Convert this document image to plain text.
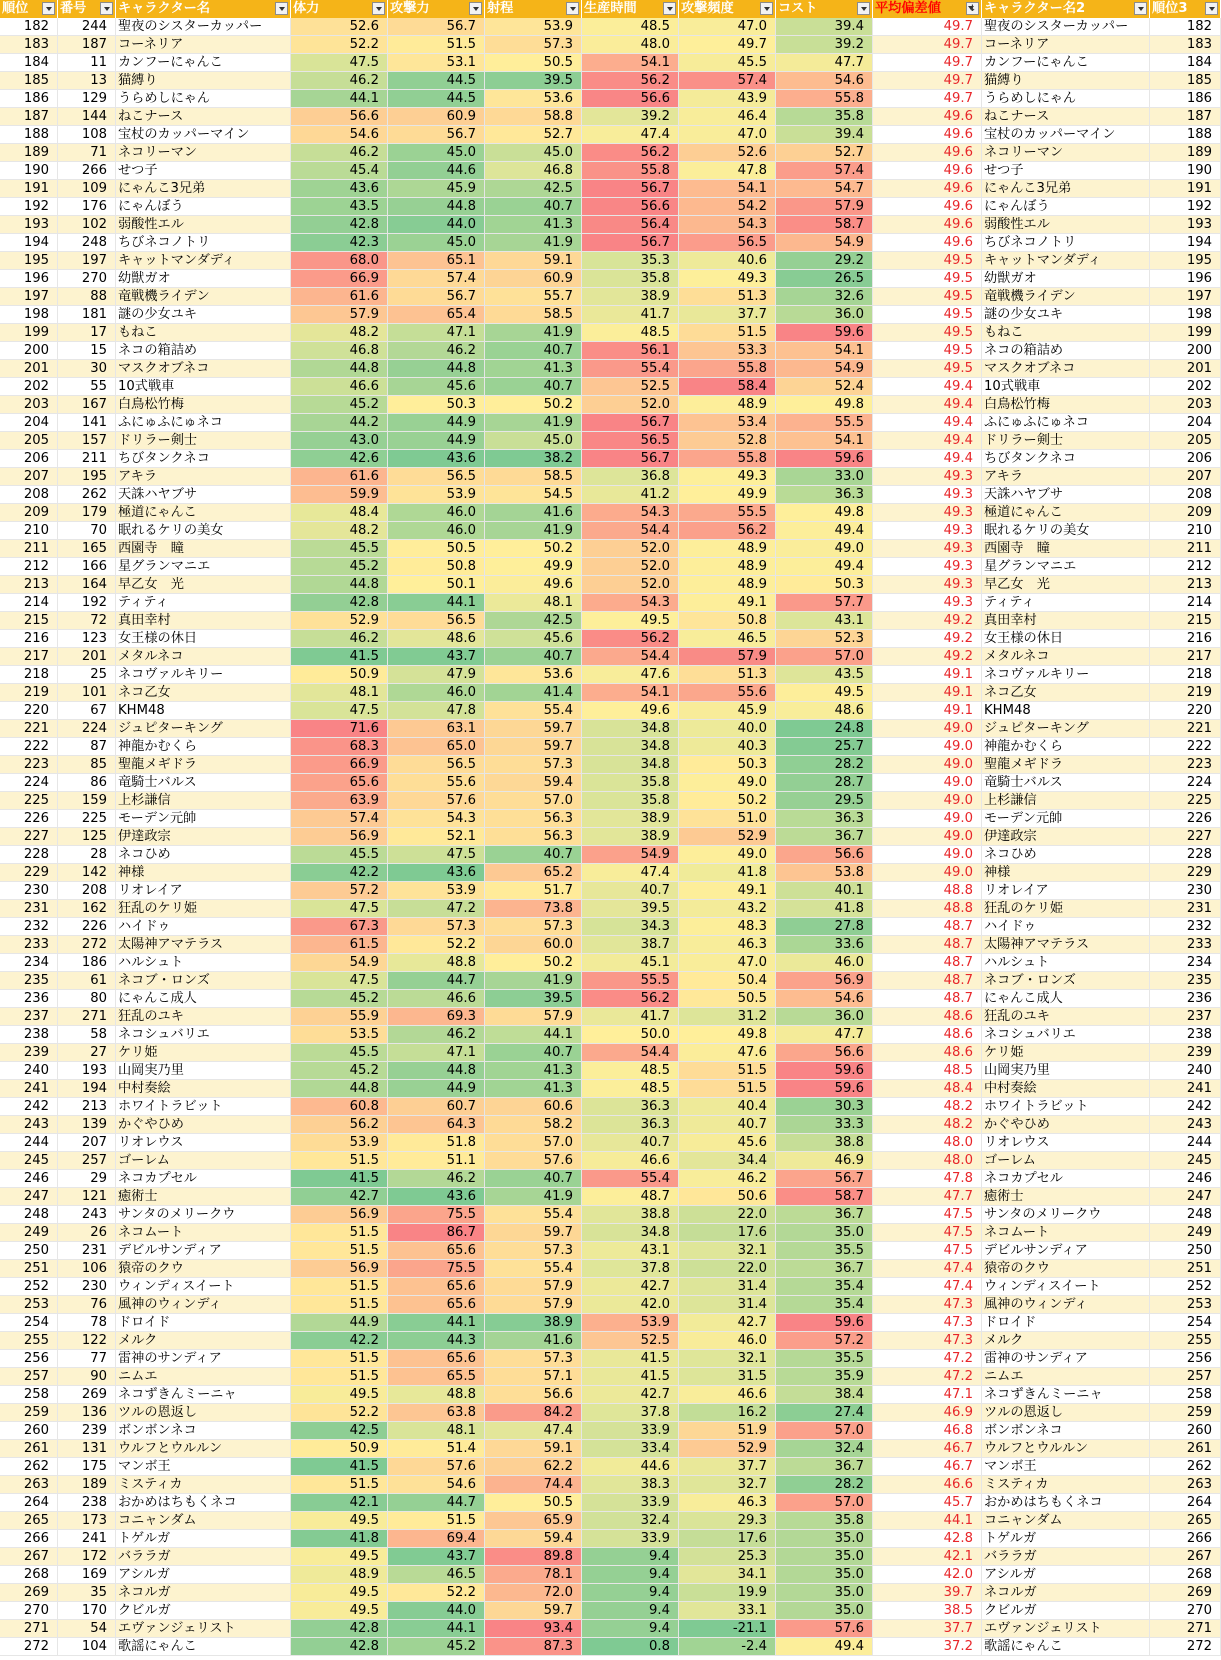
順位	番号	キャラクター名	体力	攻撃力	射程	生産時間	攻撃頻度	コスト	平均偏差値	↓ キャラクター名2	順位3
182	244 聖夜のシスターカッパー	52.6	56.7	53.9	48.5	47.0	39.4	49.7 聖夜のシスターカッパー	182
183	187 コーネリア	52.2	51.5	57.3	48.0	49.7	39.2	49.7 コーネリア	183
184	11 カンフーにゃんこ	47.5	53.1	50.5	54.1	45.5	47.7	49.7 カンフーにゃんこ	184
185	13 猫縛り	46.2	44.5	39.5	56.2	57.4	54.6	49.7 猫縛り	185
186	129 うらめしにゃん	44.1	44.5	53.6	56.6	43.9	55.8	49.7 うらめしにゃん	186
187	144 ねこナース	56.6	60.9	58.8	39.2	46.4	35.8	49.6 ねこナース	187
188	108 宝杖のカッパーマイン	54.6	56.7	52.7	47.4	47.0	39.4	49.6 宝杖のカッパーマイン	188
189	71 ネコリーマン	46.2	45.0	45.0	56.2	52.6	52.7	49.6 ネコリーマン	189
190	266 せつ子	45.4	44.6	46.8	55.8	47.8	57.4	49.6 せつ子	190
191	109 にゃんこ3兄弟	43.6	45.9	42.5	56.7	54.1	54.7	49.6 にゃんこ3兄弟	191
192	176 にゃんぼう	43.5	44.8	40.7	56.6	54.2	57.9	49.6 にゃんぼう	192
193	102 弱酸性エル	42.8	44.0	41.3	56.4	54.3	58.7	49.6 弱酸性エル	193
194	248 ちびネコノトリ	42.3	45.0	41.9	56.7	56.5	54.9	49.6 ちびネコノトリ	194
195	197 キャットマンダディ	68.0	65.1	59.1	35.3	40.6	29.2	49.5 キャットマンダディ	195
196	270 幼獣ガオ	66.9	57.4	60.9	35.8	49.3	26.5	49.5 幼獣ガオ	196
197	88 竜戦機ライデン	61.6	56.7	55.7	38.9	51.3	32.6	49.5 竜戦機ライデン	197
198	181 謎の少女ユキ	57.9	65.4	58.5	41.7	37.7	36.0	49.5 謎の少女ユキ	198
199	17 もねこ	48.2	47.1	41.9	48.5	51.5	59.6	49.5 もねこ	199
200	15 ネコの箱詰め	46.8	46.2	40.7	56.1	53.3	54.1	49.5 ネコの箱詰め	200
201	30 マスクオブネコ	44.8	44.8	41.3	55.4	55.8	54.9	49.5 マスクオブネコ	201
202	55 10式戦車	46.6	45.6	40.7	52.5	58.4	52.4	49.4 10式戦車	202
203	167 白鳥松竹梅	45.2	50.3	50.2	52.0	48.9	49.8	49.4 白鳥松竹梅	203
204	141 ふにゅふにゅネコ	44.2	44.9	41.9	56.7	53.4	55.5	49.4 ふにゅふにゅネコ	204
205	157 ドリラー剣士	43.0	44.9	45.0	56.5	52.8	54.1	49.4 ドリラー剣士	205
206	211 ちびタンクネコ	42.6	43.6	38.2	56.7	55.8	59.6	49.4 ちびタンクネコ	206
207	195 アキラ	61.6	56.5	58.5	36.8	49.3	33.0	49.3 アキラ	207
208	262 天誅ハヤブサ	59.9	53.9	54.5	41.2	49.9	36.3	49.3 天誅ハヤブサ	208
209	179 極道にゃんこ	48.4	46.0	41.6	54.3	55.5	49.8	49.3 極道にゃんこ	209
210	70 眠れるケリの美女	48.2	46.0	41.9	54.4	56.2	49.4	49.3 眠れるケリの美女	210
211	165 西園寺　瞳	45.5	50.5	50.2	52.0	48.9	49.0	49.3 西園寺　瞳	211
212	166 星グランマニエ	45.2	50.8	49.9	52.0	48.9	49.4	49.3 星グランマニエ	212
213	164 早乙女　光	44.8	50.1	49.6	52.0	48.9	50.3	49.3 早乙女　光	213
214	192 ティティ	42.8	44.1	48.1	54.3	49.1	57.7	49.3 ティティ	214
215	72 真田幸村	52.9	56.5	42.5	49.5	50.8	43.1	49.2 真田幸村	215
216	123 女王様の休日	46.2	48.6	45.6	56.2	46.5	52.3	49.2 女王様の休日	216
217	201 メタルネコ	41.5	43.7	40.7	54.4	57.9	57.0	49.2 メタルネコ	217
218	25 ネコヴァルキリー	50.9	47.9	53.6	47.6	51.3	43.5	49.1 ネコヴァルキリー	218
219	101 ネコ乙女	48.1	46.0	41.4	54.1	55.6	49.5	49.1 ネコ乙女	219
220	67 KHM48	47.5	47.8	55.4	49.6	45.9	48.6	49.1 KHM48	220
221	224 ジュピターキング	71.6	63.1	59.7	34.8	40.0	24.8	49.0 ジュピターキング	221
222	87 神龍かむくら	68.3	65.0	59.7	34.8	40.3	25.7	49.0 神龍かむくら	222
223	85 聖龍メギドラ	66.9	56.5	57.3	34.8	50.3	28.2	49.0 聖龍メギドラ	223
224	86 竜騎士バルス	65.6	55.6	59.4	35.8	49.0	28.7	49.0 竜騎士バルス	224
225	159 上杉謙信	63.9	57.6	57.0	35.8	50.2	29.5	49.0 上杉謙信	225
226	225 モーデン元帥	57.4	54.3	56.3	38.9	51.0	36.3	49.0 モーデン元帥	226
227	125 伊達政宗	56.9	52.1	56.3	38.9	52.9	36.7	49.0 伊達政宗	227
228	28 ネコひめ	45.5	47.5	40.7	54.9	49.0	56.6	49.0 ネコひめ	228
229	142 神様	42.2	43.6	65.2	47.4	41.8	53.8	49.0 神様	229
230	208 リオレイア	57.2	53.9	51.7	40.7	49.1	40.1	48.8 リオレイア	230
231	162 狂乱のケリ姫	47.5	47.2	73.8	39.5	43.2	41.8	48.8 狂乱のケリ姫	231
232	226 ハイドゥ	67.3	57.3	57.3	34.3	48.3	27.8	48.7 ハイドゥ	232
233	272 太陽神アマテラス	61.5	52.2	60.0	38.7	46.3	33.6	48.7 太陽神アマテラス	233
234	186 ハルシュト	54.9	48.8	50.2	45.1	47.0	46.0	48.7 ハルシュト	234
235	61 ネコブ・ロンズ	47.5	44.7	41.9	55.5	50.4	56.9	48.7 ネコブ・ロンズ	235
236	80 にゃんこ成人	45.2	46.6	39.5	56.2	50.5	54.6	48.7 にゃんこ成人	236
237	271 狂乱のユキ	55.9	69.3	57.9	41.7	31.2	36.0	48.6 狂乱のユキ	237
238	58 ネコシュバリエ	53.5	46.2	44.1	50.0	49.8	47.7	48.6 ネコシュバリエ	238
239	27 ケリ姫	45.5	47.1	40.7	54.4	47.6	56.6	48.6 ケリ姫	239
240	193 山岡実乃里	45.2	44.8	41.3	48.5	51.5	59.6	48.5 山岡実乃里	240
241	194 中村奏絵	44.8	44.9	41.3	48.5	51.5	59.6	48.4 中村奏絵	241
242	213 ホワイトラビット	60.8	60.7	60.6	36.3	40.4	30.3	48.2 ホワイトラビット	242
243	139 かぐやひめ	56.2	64.3	58.2	36.3	40.7	33.3	48.2 かぐやひめ	243
244	207 リオレウス	53.9	51.8	57.0	40.7	45.6	38.8	48.0 リオレウス	244
245	257 ゴーレム	51.5	51.1	57.6	46.6	34.4	46.9	48.0 ゴーレム	245
246	29 ネコカプセル	41.5	46.2	40.7	55.4	46.2	56.7	47.8 ネコカプセル	246
247	121 癒術士	42.7	43.6	41.9	48.7	50.6	58.7	47.7 癒術士	247
248	243 サンタのメリークウ	56.9	75.5	55.4	38.8	22.0	36.7	47.5 サンタのメリークウ	248
249	26 ネコムート	51.5	86.7	59.7	34.8	17.6	35.0	47.5 ネコムート	249
250	231 デビルサンディア	51.5	65.6	57.3	43.1	32.1	35.5	47.5 デビルサンディア	250
251	106 猿帝のクウ	56.9	75.5	55.4	37.8	22.0	36.7	47.4 猿帝のクウ	251
252	230 ウィンディスイート	51.5	65.6	57.9	42.7	31.4	35.4	47.4 ウィンディスイート	252
253	76 風神のウィンディ	51.5	65.6	57.9	42.0	31.4	35.4	47.3 風神のウィンディ	253
254	78 ドロイド	44.9	44.1	38.9	53.9	42.7	59.6	47.3 ドロイド	254
255	122 メルク	42.2	44.3	41.6	52.5	46.0	57.2	47.3 メルク	255
256	77 雷神のサンディア	51.5	65.6	57.3	41.5	32.1	35.5	47.2 雷神のサンディア	256
257	90 ニムエ	51.5	65.5	57.1	41.5	31.5	35.9	47.2 ニムエ	257
258	269 ネコずきんミーニャ	49.5	48.8	56.6	42.7	46.6	38.4	47.1 ネコずきんミーニャ	258
259	136 ツルの恩返し	52.2	63.8	84.2	37.8	16.2	27.4	46.9 ツルの恩返し	259
260	239 ボンボンネコ	42.5	48.1	47.4	33.9	51.9	57.0	46.8 ボンボンネコ	260
261	131 ウルフとウルルン	50.9	51.4	59.1	33.4	52.9	32.4	46.7 ウルフとウルルン	261
262	175 マンボ王	41.5	57.6	62.2	44.6	37.7	36.7	46.7 マンボ王	262
263	189 ミスティカ	51.5	54.6	74.4	38.3	32.7	28.2	46.6 ミスティカ	263
264	238 おかめはちもくネコ	42.1	44.7	50.5	33.9	46.3	57.0	45.7 おかめはちもくネコ	264
265	173 コニャンダム	49.5	51.5	65.9	32.4	29.3	35.8	44.1 コニャンダム	265
266	241 トゲルガ	41.8	69.4	59.4	33.9	17.6	35.0	42.8 トゲルガ	266
267	172 バララガ	49.5	43.7	89.8	9.4	25.3	35.0	42.1 バララガ	267
268	169 アシルガ	48.9	46.5	78.1	9.4	34.1	35.0	42.0 アシルガ	268
269	35 ネコルガ	49.5	52.2	72.0	9.4	19.9	35.0	39.7 ネコルガ	269
270	170 クビルガ	49.5	44.0	59.7	9.4	33.1	35.0	38.5 クビルガ	270
271	54 エヴァンジェリスト	42.8	44.1	93.4	9.4	-21.1	57.6	37.7 エヴァンジェリスト	271
272	104 歌謡にゃんこ	42.8	45.2	87.3	0.8	-2.4	49.4	37.2 歌謡にゃんこ	272
